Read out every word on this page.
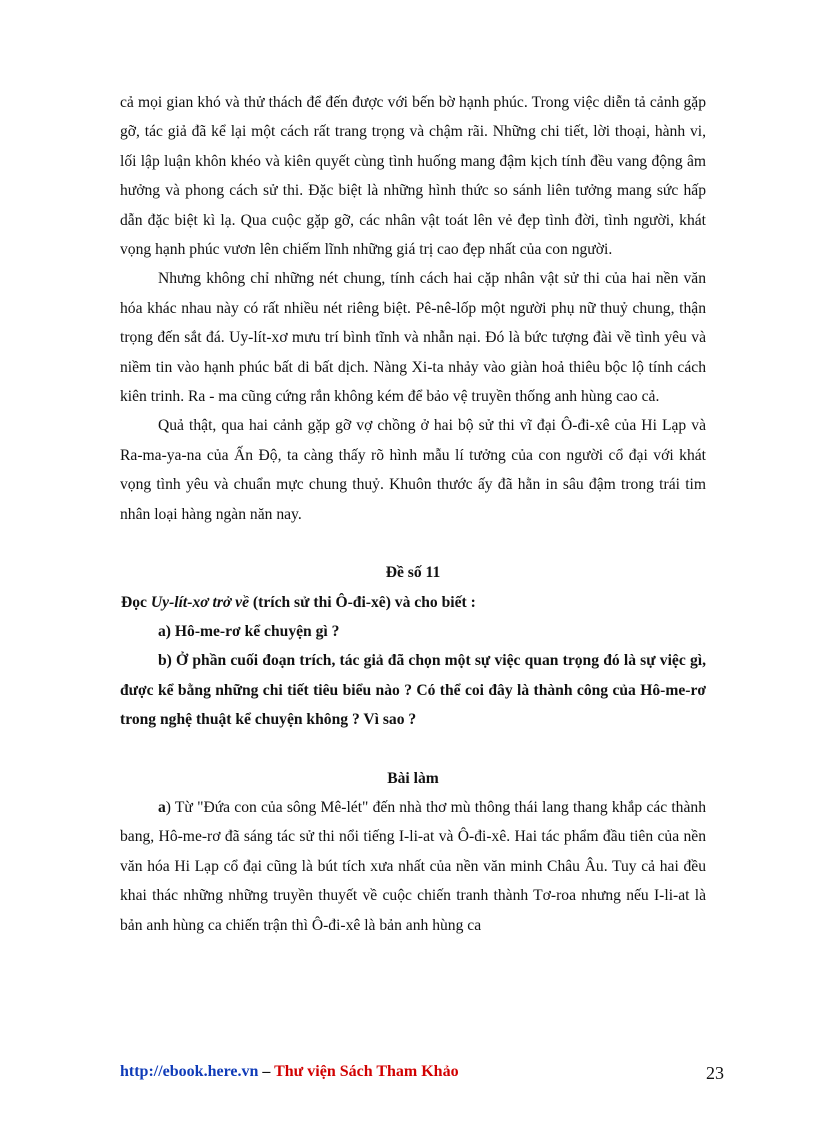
cả mọi gian khó và thử thách để đến được với bến bờ hạnh phúc. Trong việc diễn tả cảnh gặp gỡ, tác giả đã kể lại một cách rất trang trọng và chậm rãi. Những chi tiết, lời thoại, hành vi, lối lập luận khôn khéo và kiên quyết cùng tình huống mang đậm kịch tính đều vang động âm hưởng và phong cách sử thi. Đặc biệt là những hình thức so sánh liên tưởng mang sức hấp dẫn đặc biệt kì lạ. Qua cuộc gặp gỡ, các nhân vật toát lên vẻ đẹp tình đời, tình người, khát vọng hạnh phúc vươn lên chiếm lĩnh những giá trị cao đẹp nhất của con người.

Nhưng không chỉ những nét chung, tính cách hai cặp nhân vật sử thi của hai nền văn hóa khác nhau này có rất nhiều nét riêng biệt. Pê-nê-lốp một người phụ nữ thuỷ chung, thận trọng đến sắt đá. Uy-lít-xơ mưu trí bình tĩnh và nhẫn nại. Đó là bức tượng đài về tình yêu và niềm tin vào hạnh phúc bất di bất dịch. Nàng Xi-ta nhảy vào giàn hoả thiêu bộc lộ tính cách kiên trinh. Ra - ma cũng cứng rắn không kém để bảo vệ truyền thống anh hùng cao cả.

Quả thật, qua hai cảnh gặp gỡ vợ chồng ở hai bộ sử thi vĩ đại Ô-đi-xê của Hi Lạp và Ra-ma-ya-na của Ấn Độ, ta càng thấy rõ hình mẫu lí tưởng của con người cổ đại với khát vọng tình yêu và chuẩn mực chung thuỷ. Khuôn thước ấy đã hằn in sâu đậm trong trái tim nhân loại hàng ngàn năn nay.

Đề số 11

Đọc Uy-lít-xơ trở về (trích sử thi Ô-đi-xê) và cho biết :

a) Hô-me-rơ kể chuyện gì ?

b) Ở phần cuối đoạn trích, tác giả đã chọn một sự việc quan trọng đó là sự việc gì, được kể bằng những chi tiết tiêu biểu nào ? Có thể coi đây là thành công của Hô-me-rơ trong nghệ thuật kể chuyện không ? Vì sao ?

Bài làm

a) Từ "Đứa con của sông Mê-lét" đến nhà thơ mù thông thái lang thang khắp các thành bang, Hô-me-rơ đã sáng tác sử thi nổi tiếng I-li-at và Ô-đi-xê. Hai tác phẩm đầu tiên của nền văn hóa Hi Lạp cổ đại cũng là bút tích xưa nhất của nền văn minh Châu Âu. Tuy cả hai đều khai thác những những truyền thuyết về cuộc chiến tranh thành Tơ-roa nhưng nếu I-li-at là bản anh hùng ca chiến trận thì Ô-đi-xê là bản anh hùng ca

http://ebook.here.vn – Thư viện Sách Tham Khảo	23
